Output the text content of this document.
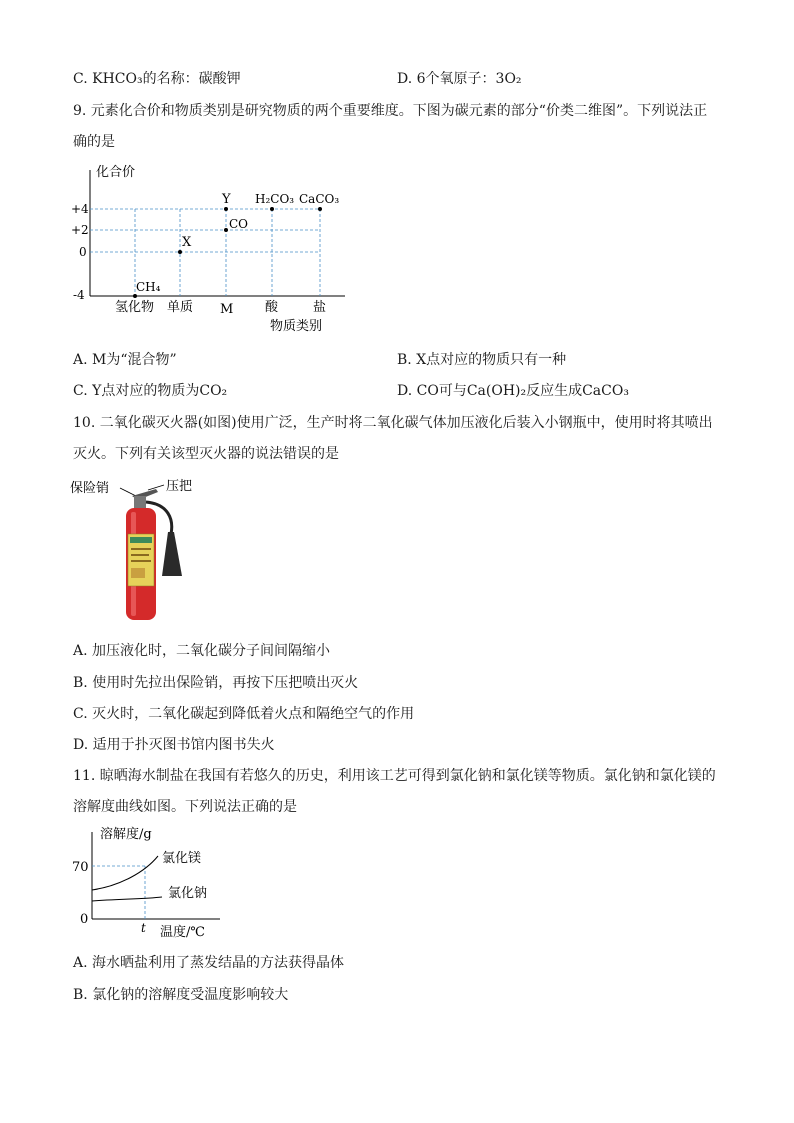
C. KHCO₃的名称：碳酸钾	D. 6个氧原子：3O₂
9. 元素化合价和物质类别是研究物质的两个重要维度。下图为碳元素的部分“价类二维图”。下列说法正
确的是
化合价
物质类别
+4
+2
0
-4
氢化物 单质 M 酸	盐
Y
CO
X
CH₄
H₂CO₃ CaCO₃
A. M为“混合物”	B. X点对应的物质只有一种
C. Y点对应的物质为CO₂	D. CO可与Ca(OH)₂反应生成CaCO₃
10. 二氧化碳灭火器(如图)使用广泛，生产时将二氧化碳气体加压液化后装入小钢瓶中，使用时将其喷出
灭火。下列有关该型灭火器的说法错误的是
保险销	压把
A. 加压液化时，二氧化碳分子间间隔缩小
B. 使用时先拉出保险销，再按下压把喷出灭火
C. 灭火时，二氧化碳起到降低着火点和隔绝空气的作用
D. 适用于扑灭图书馆内图书失火
11. 晾晒海水制盐在我国有若悠久的历史，利用该工艺可得到氯化钠和氯化镁等物质。氯化钠和氯化镁的
溶解度曲线如图。下列说法正确的是
溶解度/g
温度/℃
70
0
t
氯化镁
氯化钠
A. 海水晒盐利用了蒸发结晶的方法获得晶体
B. 氯化钠的溶解度受温度影响较大
